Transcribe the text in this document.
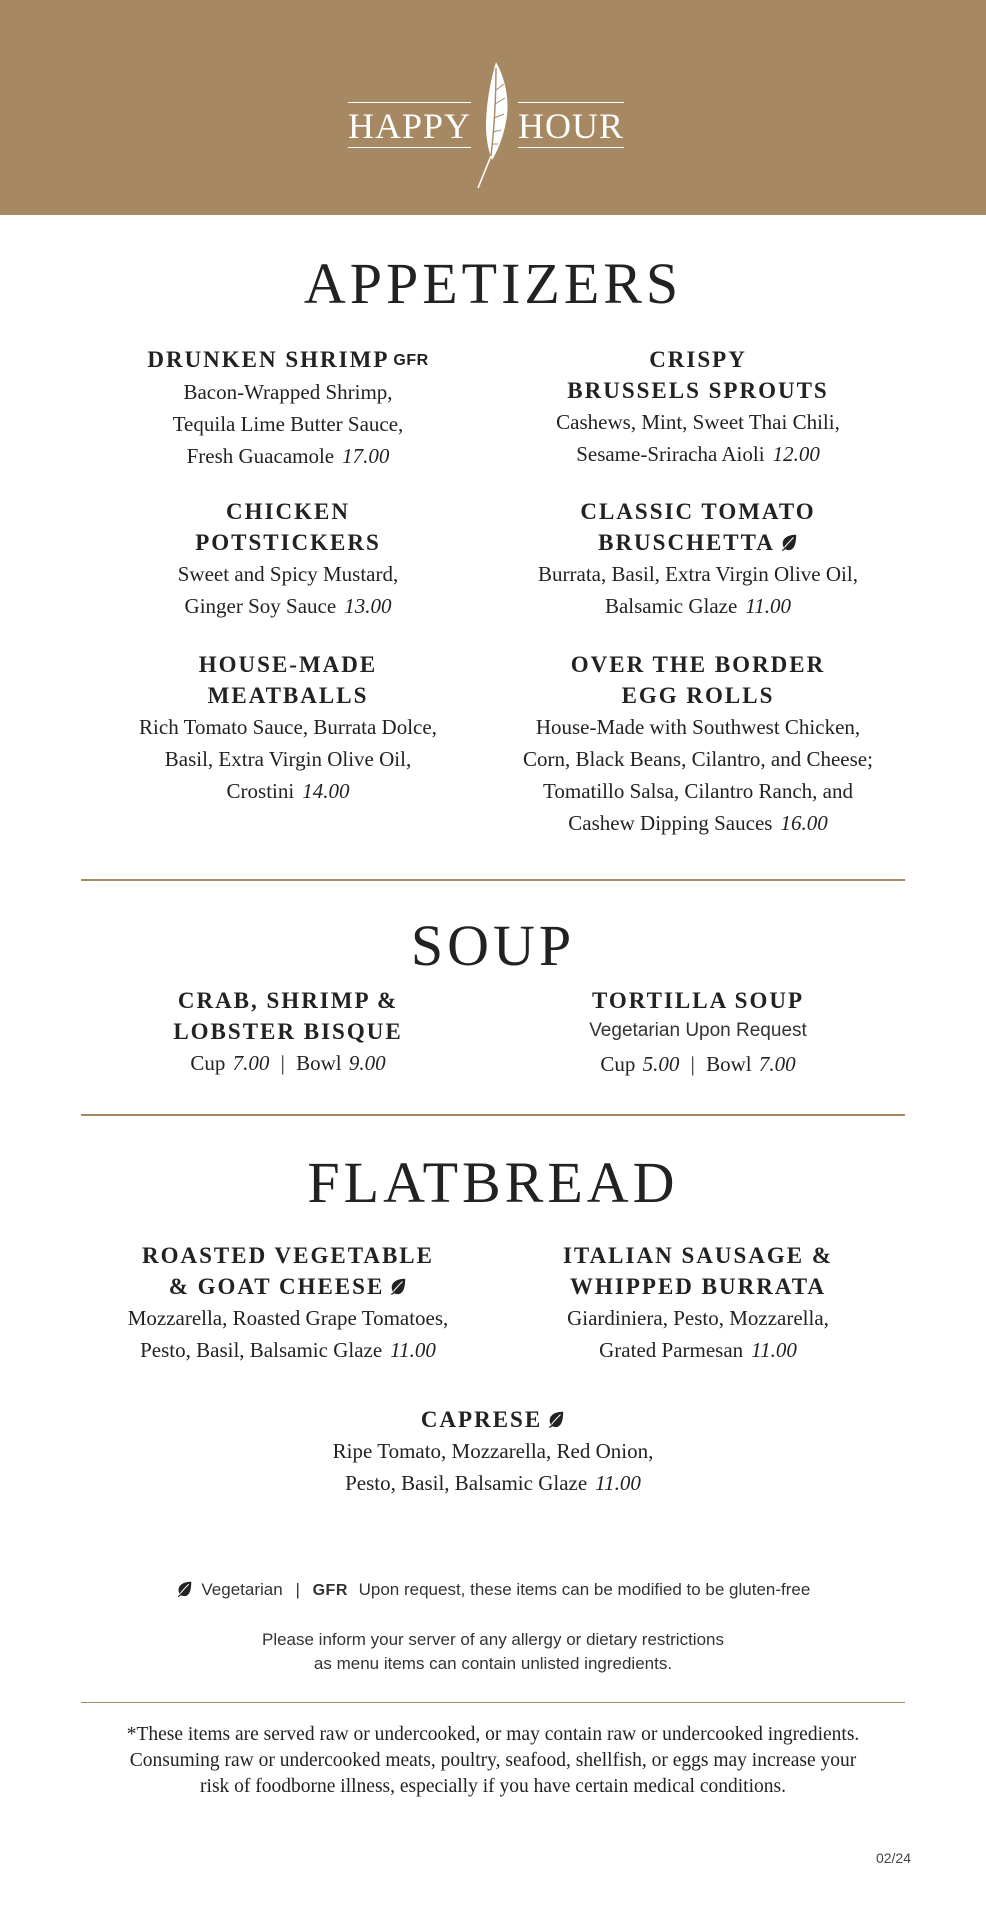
HAPPY HOUR
APPETIZERS
DRUNKEN SHRIMP GFR
Bacon-Wrapped Shrimp,
Tequila Lime Butter Sauce,
Fresh Guacamole 17.00
CRISPY
BRUSSELS SPROUTS
Cashews, Mint, Sweet Thai Chili,
Sesame-Sriracha Aioli 12.00
CHICKEN
POTSTICKERS
Sweet and Spicy Mustard,
Ginger Soy Sauce 13.00
CLASSIC TOMATO
BRUSCHETTA
Burrata, Basil, Extra Virgin Olive Oil,
Balsamic Glaze 11.00
HOUSE-MADE
MEATBALLS
Rich Tomato Sauce, Burrata Dolce,
Basil, Extra Virgin Olive Oil,
Crostini 14.00
OVER THE BORDER
EGG ROLLS
House-Made with Southwest Chicken,
Corn, Black Beans, Cilantro, and Cheese;
Tomatillo Salsa, Cilantro Ranch, and
Cashew Dipping Sauces 16.00
SOUP
CRAB, SHRIMP &
LOBSTER BISQUE
Cup 7.00 | Bowl 9.00
TORTILLA SOUP
Vegetarian Upon Request
Cup 5.00 | Bowl 7.00
FLATBREAD
ROASTED VEGETABLE
& GOAT CHEESE
Mozzarella, Roasted Grape Tomatoes,
Pesto, Basil, Balsamic Glaze 11.00
ITALIAN SAUSAGE &
WHIPPED BURRATA
Giardiniera, Pesto, Mozzarella,
Grated Parmesan 11.00
CAPRESE
Ripe Tomato, Mozzarella, Red Onion,
Pesto, Basil, Balsamic Glaze 11.00
Vegetarian | GFR Upon request, these items can be modified to be gluten-free
Please inform your server of any allergy or dietary restrictions
as menu items can contain unlisted ingredients.
*These items are served raw or undercooked, or may contain raw or undercooked ingredients.
Consuming raw or undercooked meats, poultry, seafood, shellfish, or eggs may increase your
risk of foodborne illness, especially if you have certain medical conditions.
02/24
